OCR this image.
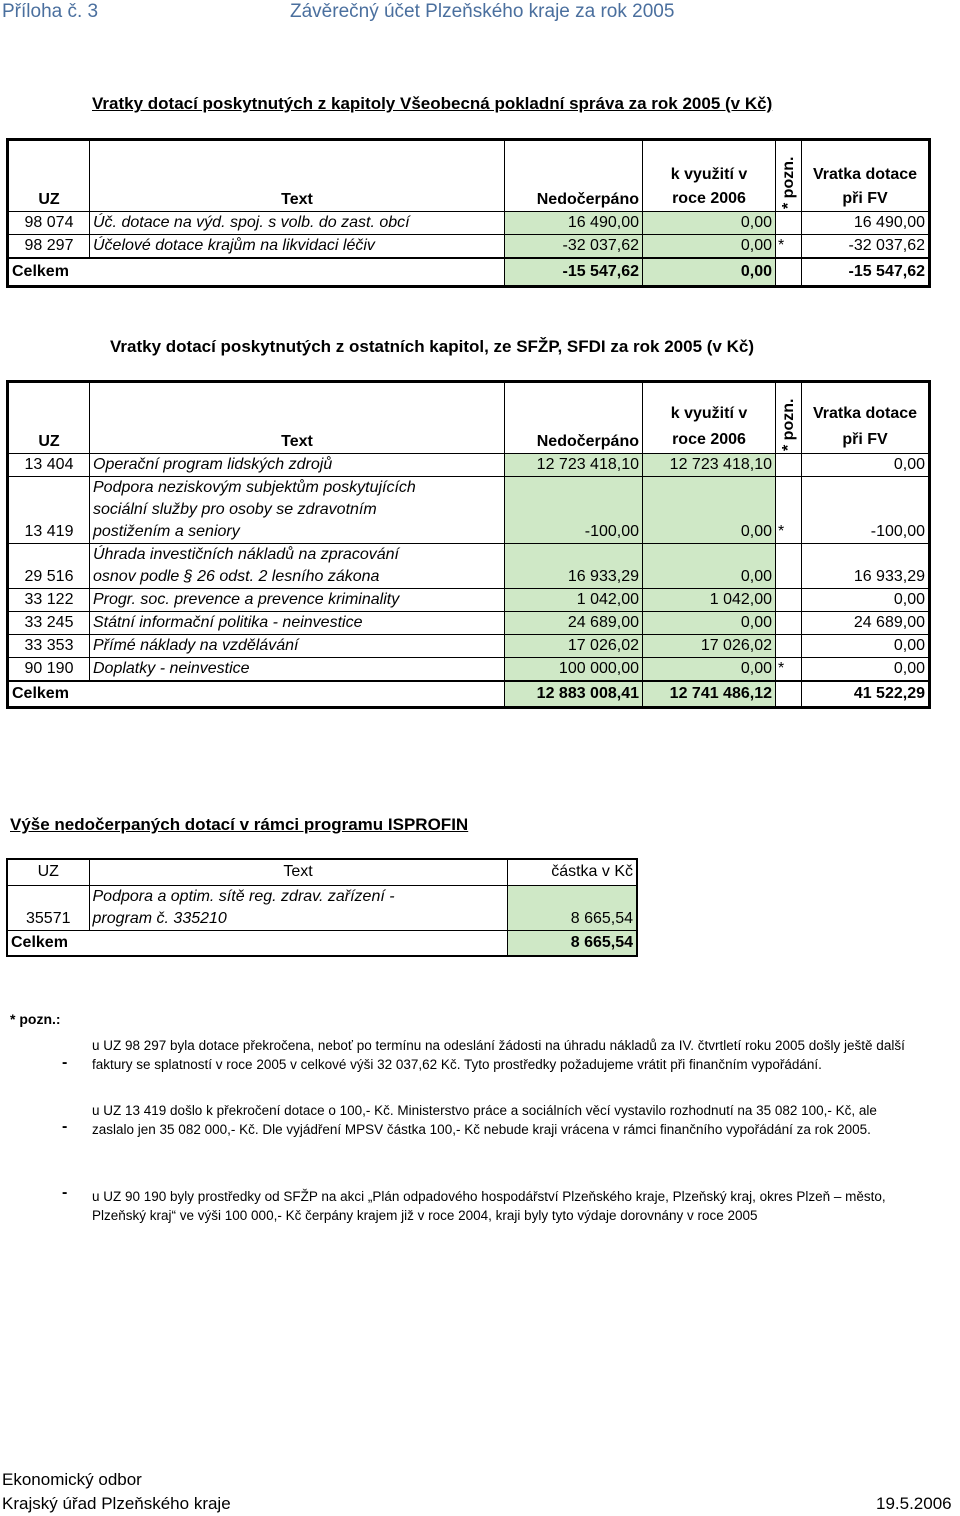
Příloha č. 3	Závěrečný účet Plzeňského kraje za rok 2005
Vratky dotací poskytnutých z kapitoly Všeobecná pokladní správa za rok 2005 (v Kč)
UZ	Text	Nedočerpáno	k využití v
roce 2006	* pozn.	Vratka dotace
při FV
98 074	Úč. dotace na výd. spoj. s volb. do zast. obcí	16 490,00	0,00		16 490,00
98 297	Účelové dotace krajům na likvidaci léčiv	-32 037,62	0,00	*	-32 037,62
Celkem		-15 547,62	0,00		-15 547,62
Vratky dotací poskytnutých z ostatních kapitol, ze SFŽP, SFDI za rok 2005 (v Kč)
UZ	Text	Nedočerpáno	k využití v
roce 2006	* pozn.	Vratka dotace
při FV
13 404	Operační program lidských zdrojů	12 723 418,10	12 723 418,10		0,00
13 419	Podpora neziskovým subjektům poskytujících
sociální služby pro osoby se zdravotním
postižením a seniory	-100,00	0,00	*	-100,00
29 516	Úhrada investičních nákladů na zpracování
osnov podle § 26 odst. 2 lesního zákona	16 933,29	0,00		16 933,29
33 122	Progr. soc. prevence a prevence kriminality	1 042,00	1 042,00		0,00
33 245	Státní informační politika - neinvestice	24 689,00	0,00		24 689,00
33 353	Přímé náklady na vzdělávání	17 026,02	17 026,02		0,00
90 190	Doplatky - neinvestice	100 000,00	0,00	*	0,00
Celkem		12 883 008,41	12 741 486,12		41 522,29
Výše nedočerpaných dotací v rámci programu ISPROFIN
UZ	Text	částka v Kč
35571	Podpora a optim. sítě reg. zdrav. zařízení -
program č. 335210	8 665,54
Celkem		8 665,54
* pozn.:
-
u UZ 98 297 byla dotace překročena, neboť po termínu na odeslání žádosti na úhradu nákladů za IV. čtvrtletí roku 2005 došly ještě další faktury se splatností v roce 2005 v celkové výši 32 037,62 Kč. Tyto prostředky požadujeme vrátit při finančním vypořádání.
-
u UZ 13 419 došlo k překročení dotace o 100,- Kč. Ministerstvo práce a sociálních věcí vystavilo rozhodnutí na 35 082 100,- Kč, ale zaslalo jen 35 082 000,- Kč. Dle vyjádření MPSV částka 100,- Kč nebude kraji vrácena v rámci finančního vypořádání za rok 2005.
- u UZ 90 190 byly prostředky od SFŽP na akci „Plán odpadového hospodářství Plzeňského kraje, Plzeňský kraj, okres Plzeň – město, Plzeňský kraj“ ve výši 100 000,- Kč čerpány krajem již v roce 2004, kraji byly tyto výdaje dorovnány v roce 2005
Ekonomický odbor
Krajský úřad Plzeňského kraje	19.5.2006
